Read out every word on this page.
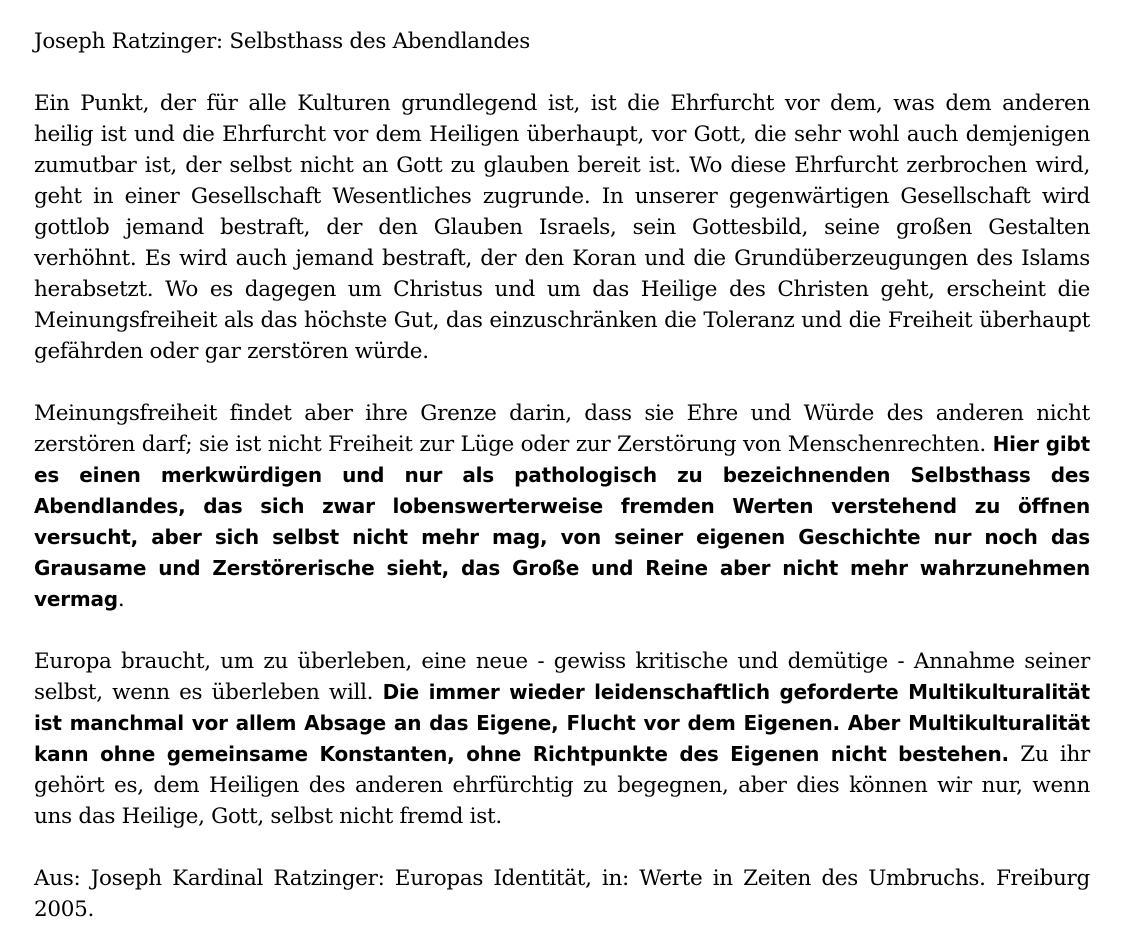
Joseph Ratzinger: Selbsthass des Abendlandes

Ein Punkt, der für alle Kulturen grundlegend ist, ist die Ehrfurcht vor dem, was dem anderen heilig ist und die Ehrfurcht vor dem Heiligen überhaupt, vor Gott, die sehr wohl auch demjenigen zumutbar ist, der selbst nicht an Gott zu glauben bereit ist. Wo diese Ehrfurcht zerbrochen wird, geht in einer Gesellschaft Wesentliches zugrunde. In unserer gegenwärtigen Gesellschaft wird gottlob jemand bestraft, der den Glauben Israels, sein Gottesbild, seine großen Gestalten verhöhnt. Es wird auch jemand bestraft, der den Koran und die Grundüberzeugungen des Islams herabsetzt. Wo es dagegen um Christus und um das Heilige des Christen geht, erscheint die Meinungsfreiheit als das höchste Gut, das einzuschränken die Toleranz und die Freiheit überhaupt gefährden oder gar zerstören würde.

Meinungsfreiheit findet aber ihre Grenze darin, dass sie Ehre und Würde des anderen nicht zerstören darf; sie ist nicht Freiheit zur Lüge oder zur Zerstörung von Menschenrechten. Hier gibt es einen merkwürdigen und nur als pathologisch zu bezeichnenden Selbsthass des Abendlandes, das sich zwar lobenswerterweise fremden Werten verstehend zu öffnen versucht, aber sich selbst nicht mehr mag, von seiner eigenen Geschichte nur noch das Grausame und Zerstörerische sieht, das Große und Reine aber nicht mehr wahrzunehmen vermag.

Europa braucht, um zu überleben, eine neue - gewiss kritische und demütige - Annahme seiner selbst, wenn es überleben will. Die immer wieder leidenschaftlich geforderte Multikulturalität ist manchmal vor allem Absage an das Eigene, Flucht vor dem Eigenen. Aber Multikulturalität kann ohne gemeinsame Konstanten, ohne Richtpunkte des Eigenen nicht bestehen. Zu ihr gehört es, dem Heiligen des anderen ehrfürchtig zu begegnen, aber dies können wir nur, wenn uns das Heilige, Gott, selbst nicht fremd ist.

Aus: Joseph Kardinal Ratzinger: Europas Identität, in: Werte in Zeiten des Umbruchs. Freiburg 2005.
